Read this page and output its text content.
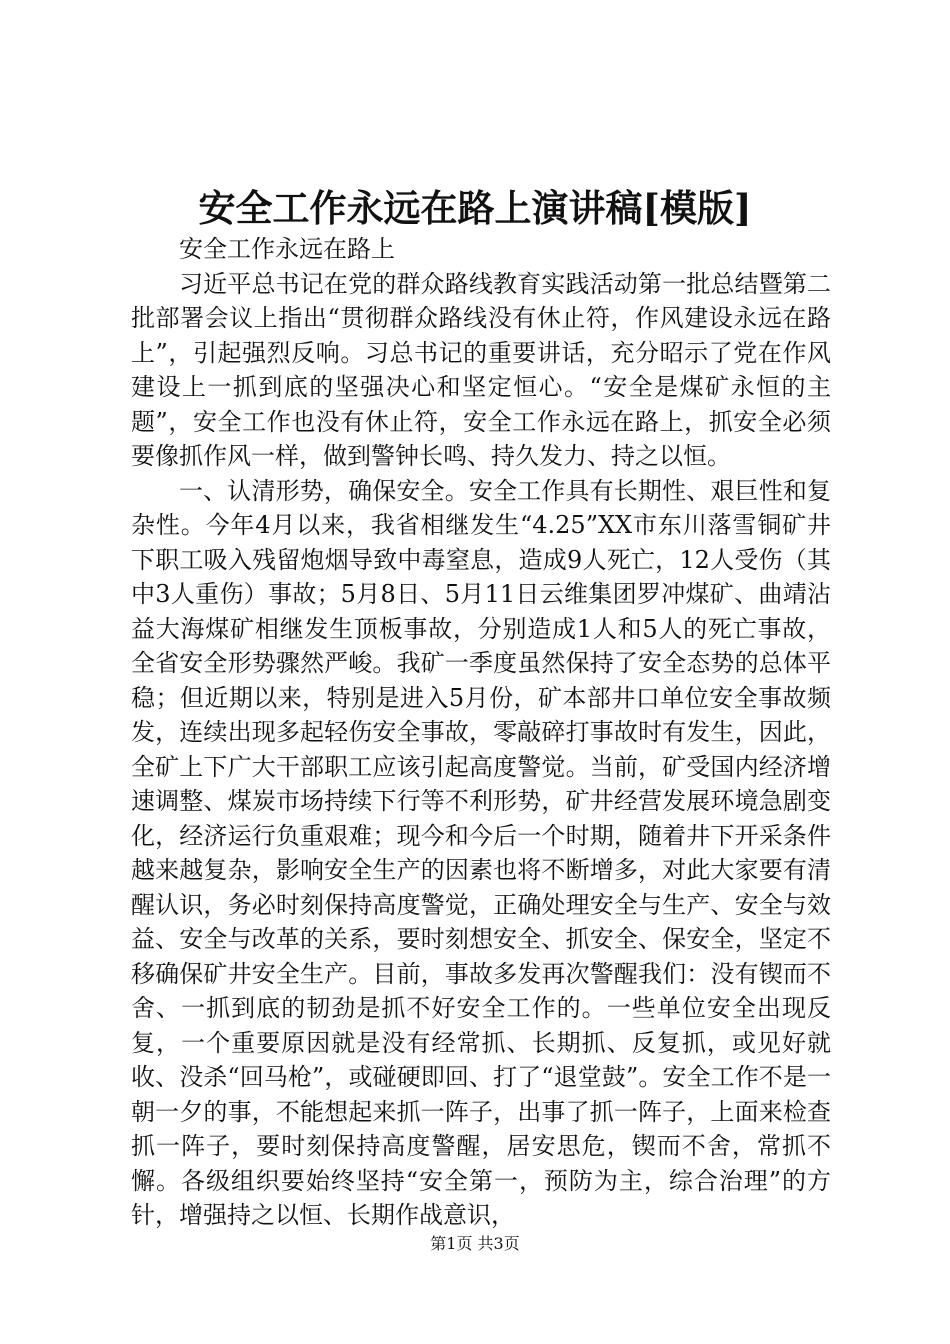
安全工作永远在路上演讲稿[模版]

安全工作永远在路上

习近平总书记在党的群众路线教育实践活动第一批总结暨第二批部署会议上指出“贯彻群众路线没有休止符，作风建设永远在路上”，引起强烈反响。习总书记的重要讲话，充分昭示了党在作风建设上一抓到底的坚强决心和坚定恒心。“安全是煤矿永恒的主题”，安全工作也没有休止符，安全工作永远在路上，抓安全必须要像抓作风一样，做到警钟长鸣、持久发力、持之以恒。

一、认清形势，确保安全。安全工作具有长期性、艰巨性和复杂性。今年4月以来，我省相继发生“4.25”XX市东川落雪铜矿井下职工吸入残留炮烟导致中毒窒息，造成9人死亡，12人受伤（其中3人重伤）事故；5月8日、5月11日云维集团罗冲煤矿、曲靖沾益大海煤矿相继发生顶板事故，分别造成1人和5人的死亡事故，全省安全形势骤然严峻。我矿一季度虽然保持了安全态势的总体平稳；但近期以来，特别是进入5月份，矿本部井口单位安全事故频发，连续出现多起轻伤安全事故，零敲碎打事故时有发生，因此，全矿上下广大干部职工应该引起高度警觉。当前，矿受国内经济增速调整、煤炭市场持续下行等不利形势，矿井经营发展环境急剧变化，经济运行负重艰难；现今和今后一个时期，随着井下开采条件越来越复杂，影响安全生产的因素也将不断增多，对此大家要有清醒认识，务必时刻保持高度警觉，正确处理安全与生产、安全与效益、安全与改革的关系，要时刻想安全、抓安全、保安全，坚定不移确保矿井安全生产。目前，事故多发再次警醒我们：没有锲而不舍、一抓到底的韧劲是抓不好安全工作的。一些单位安全出现反复，一个重要原因就是没有经常抓、长期抓、反复抓，或见好就收、没杀“回马枪”，或碰硬即回、打了“退堂鼓”。安全工作不是一朝一夕的事，不能想起来抓一阵子，出事了抓一阵子，上面来检查抓一阵子，要时刻保持高度警醒，居安思危，锲而不舍，常抓不懈。各级组织要始终坚持“安全第一，预防为主，综合治理”的方针，增强持之以恒、长期作战意识，

第1页 共3页
